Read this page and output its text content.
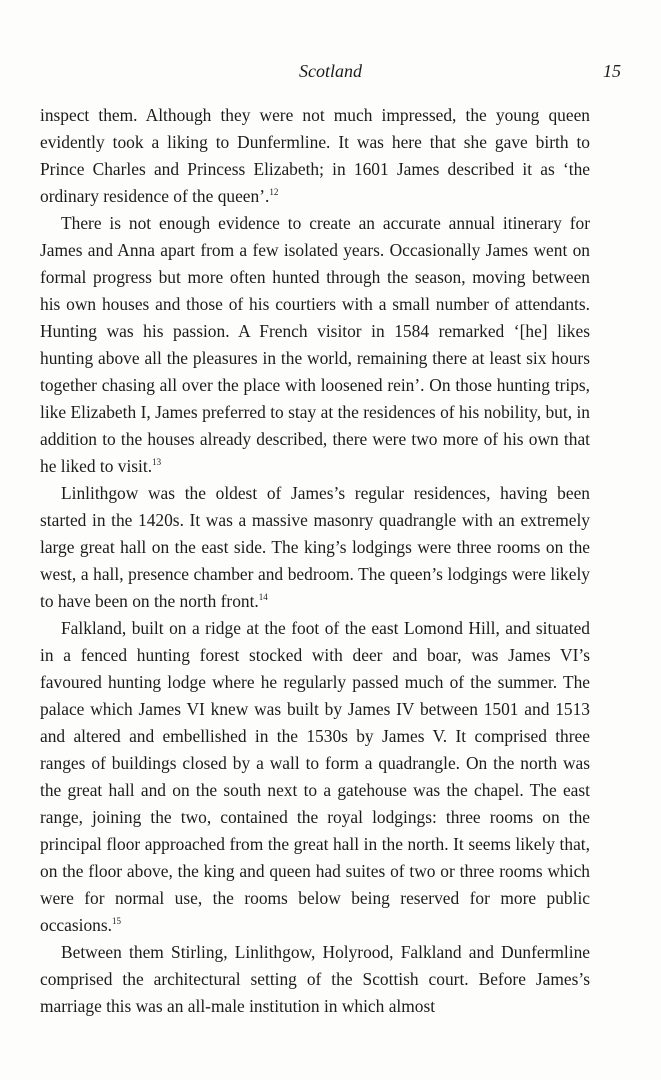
Scotland	15

inspect them. Although they were not much impressed, the young queen evidently took a liking to Dunfermline. It was here that she gave birth to Prince Charles and Princess Elizabeth; in 1601 James described it as ‘the ordinary residence of the queen’.$^{12}$

There is not enough evidence to create an accurate annual itinerary for James and Anna apart from a few isolated years. Occasionally James went on formal progress but more often hunted through the season, moving between his own houses and those of his courtiers with a small number of attendants. Hunting was his passion. A French visitor in 1584 remarked ‘[he] likes hunting above all the pleasures in the world, remaining there at least six hours together chasing all over the place with loosened rein’. On those hunting trips, like Elizabeth I, James preferred to stay at the residences of his nobility, but, in addition to the houses already described, there were two more of his own that he liked to visit.$^{13}$

Linlithgow was the oldest of James’s regular residences, having been started in the 1420s. It was a massive masonry quadrangle with an extremely large great hall on the east side. The king’s lodgings were three rooms on the west, a hall, presence chamber and bedroom. The queen’s lodgings were likely to have been on the north front.$^{14}$

Falkland, built on a ridge at the foot of the east Lomond Hill, and situated in a fenced hunting forest stocked with deer and boar, was James VI’s favoured hunting lodge where he regularly passed much of the summer. The palace which James VI knew was built by James IV between 1501 and 1513 and altered and embellished in the 1530s by James V. It comprised three ranges of buildings closed by a wall to form a quadrangle. On the north was the great hall and on the south next to a gatehouse was the chapel. The east range, joining the two, contained the royal lodgings: three rooms on the principal floor approached from the great hall in the north. It seems likely that, on the floor above, the king and queen had suites of two or three rooms which were for normal use, the rooms below being reserved for more public occasions.$^{15}$

Between them Stirling, Linlithgow, Holyrood, Falkland and Dunfermline comprised the architectural setting of the Scottish court. Before James’s marriage this was an all-male institution in which almost
